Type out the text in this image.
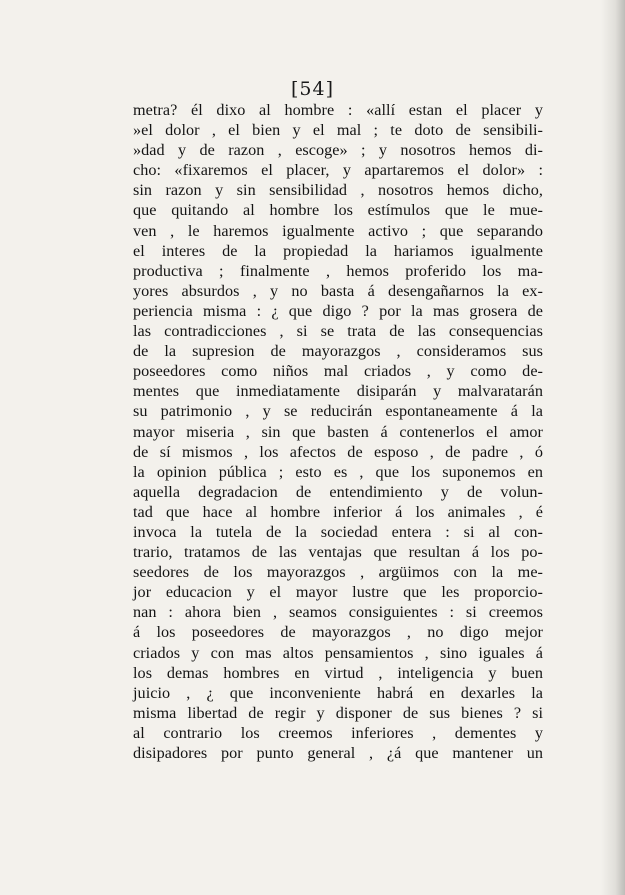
[54]
metra? él dixo al hombre : «allí estan el placer y
»el dolor , el bien y el mal ; te doto de sensibili-
»dad y de razon , escoge» ; y nosotros hemos di-
cho: «fixaremos el placer, y apartaremos el dolor» :
sin razon y sin sensibilidad , nosotros hemos dicho,
que quitando al hombre los estímulos que le mue-
ven , le haremos igualmente activo ; que separando
el interes de la propiedad la hariamos igualmente
productiva ; finalmente , hemos proferido los ma-
yores absurdos , y no basta á desengañarnos la ex-
periencia misma : ¿ que digo ? por la mas grosera de
las contradicciones , si se trata de las consequencias
de la supresion de mayorazgos , consideramos sus
poseedores como niños mal criados , y como de-
mentes que inmediatamente disiparán y malvaratarán
su patrimonio , y se reducirán espontaneamente á la
mayor miseria , sin que basten á contenerlos el amor
de sí mismos , los afectos de esposo , de padre , ó
la opinion pública ; esto es , que los suponemos en
aquella degradacion de entendimiento y de volun-
tad que hace al hombre inferior á los animales , é
invoca la tutela de la sociedad entera : si al con-
trario, tratamos de las ventajas que resultan á los po-
seedores de los mayorazgos , argüimos con la me-
jor educacion y el mayor lustre que les proporcio-
nan : ahora bien , seamos consiguientes : si creemos
á los poseedores de mayorazgos , no digo mejor
criados y con mas altos pensamientos , sino iguales á
los demas hombres en virtud , inteligencia y buen
juicio , ¿ que inconveniente habrá en dexarles la
misma libertad de regir y disponer de sus bienes ? si
al contrario los creemos inferiores , dementes y
disipadores por punto general , ¿á que mantener un
